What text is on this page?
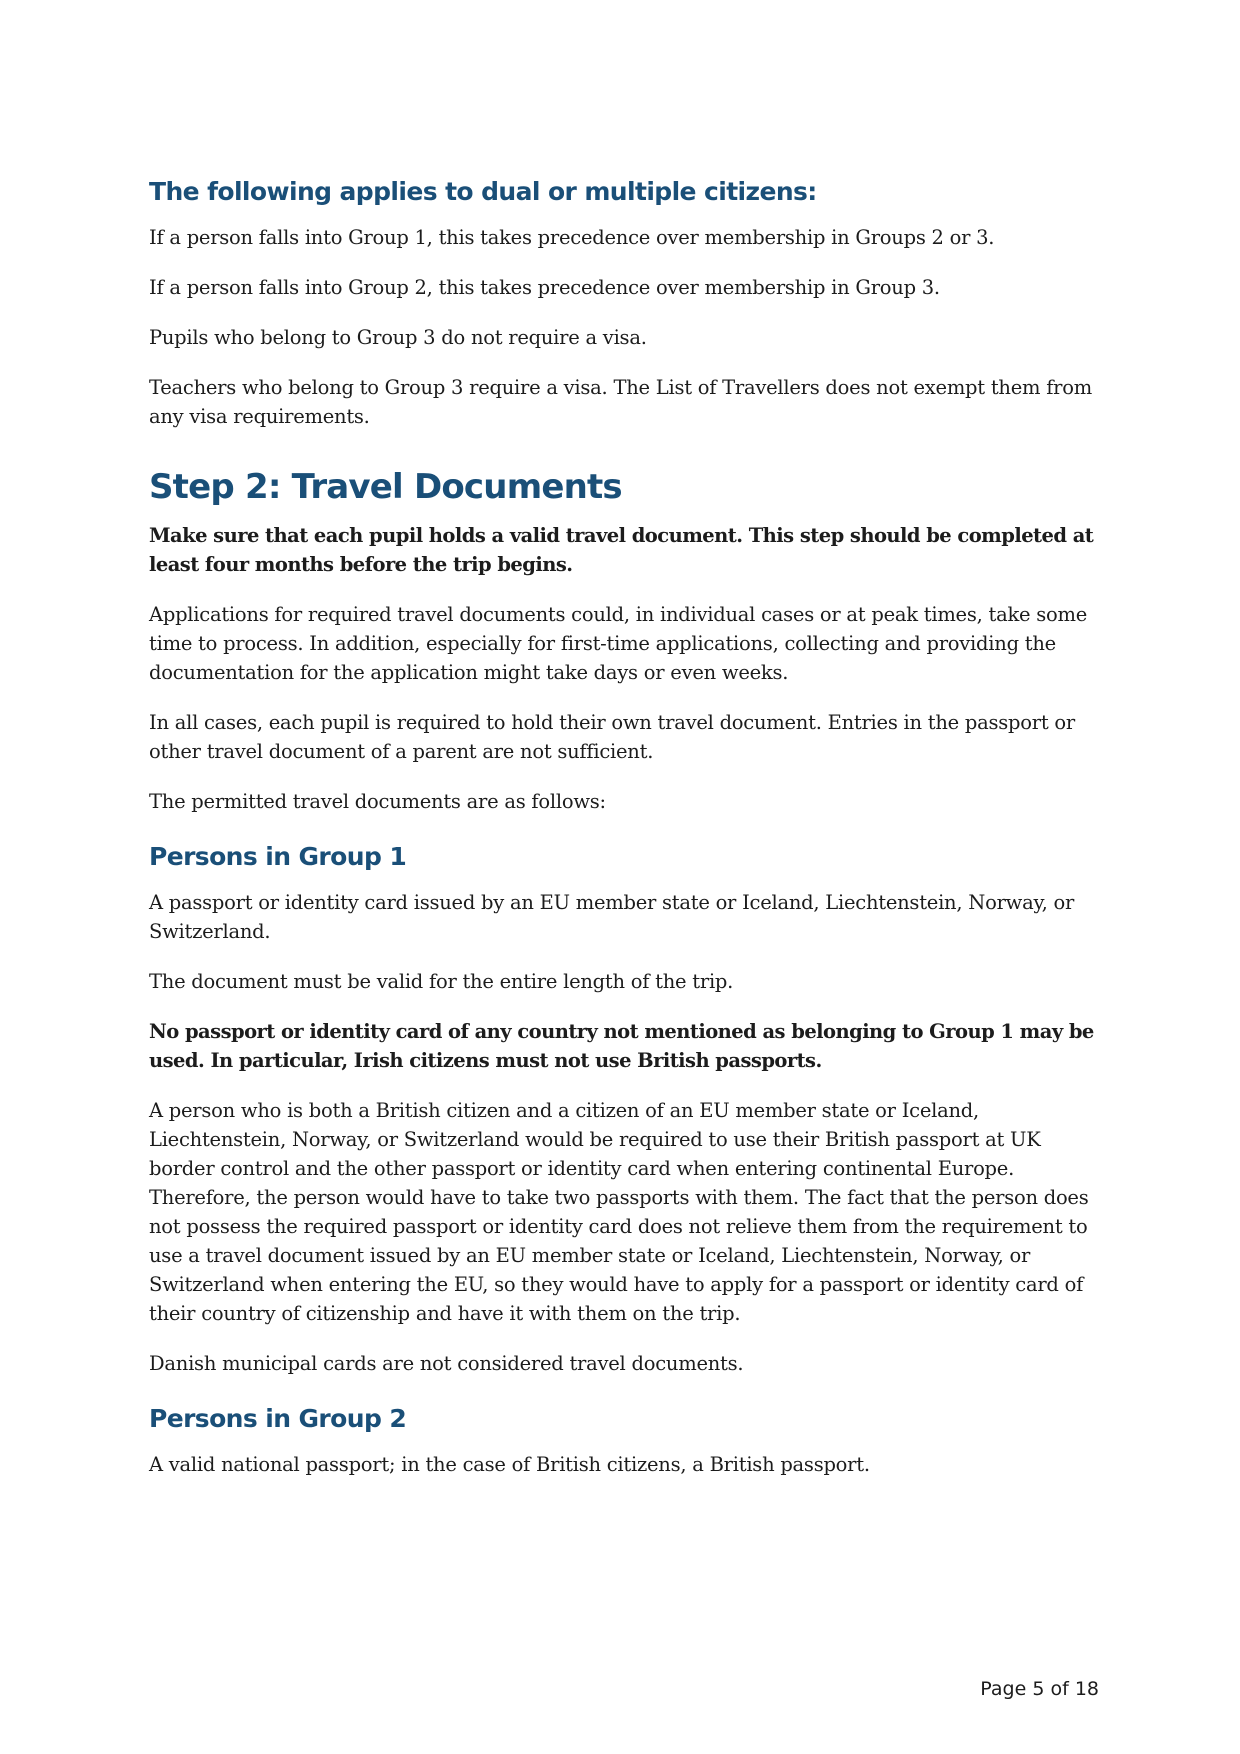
The following applies to dual or multiple citizens:

If a person falls into Group 1, this takes precedence over membership in Groups 2 or 3.

If a person falls into Group 2, this takes precedence over membership in Group 3.

Pupils who belong to Group 3 do not require a visa.

Teachers who belong to Group 3 require a visa. The List of Travellers does not exempt them from any visa requirements.

Step 2: Travel Documents

Make sure that each pupil holds a valid travel document. This step should be completed at least four months before the trip begins.

Applications for required travel documents could, in individual cases or at peak times, take some time to process. In addition, especially for first-time applications, collecting and providing the documentation for the application might take days or even weeks.

In all cases, each pupil is required to hold their own travel document. Entries in the passport or other travel document of a parent are not sufficient.

The permitted travel documents are as follows:

Persons in Group 1

A passport or identity card issued by an EU member state or Iceland, Liechtenstein, Norway, or Switzerland.

The document must be valid for the entire length of the trip.

No passport or identity card of any country not mentioned as belonging to Group 1 may be used. In particular, Irish citizens must not use British passports.

A person who is both a British citizen and a citizen of an EU member state or Iceland, Liechtenstein, Norway, or Switzerland would be required to use their British passport at UK border control and the other passport or identity card when entering continental Europe. Therefore, the person would have to take two passports with them. The fact that the person does not possess the required passport or identity card does not relieve them from the requirement to use a travel document issued by an EU member state or Iceland, Liechtenstein, Norway, or Switzerland when entering the EU, so they would have to apply for a passport or identity card of their country of citizenship and have it with them on the trip.

Danish municipal cards are not considered travel documents.

Persons in Group 2

A valid national passport; in the case of British citizens, a British passport.

Page 5 of 18
